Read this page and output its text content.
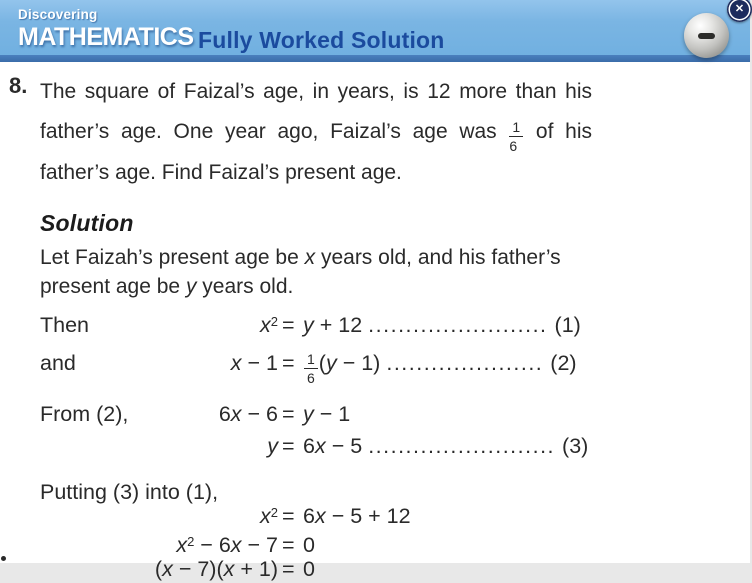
Discovering
MATHEMATICS Fully Worked Solution
✕
8. The square of Faizal’s age, in years, is 12 more than his
father’s age. One year ago, Faizal’s age was $\frac{1}{6}$ of his
father’s age. Find Faizal’s present age.
Solution
Let Faizah’s present age be x years old, and his father’s
present age be y years old.
Then	$x^2 = y + 12$ ........................ (1)
and	$x - 1 = \frac{1}{6} (y - 1)$ ..................... (2)
From (2),	6x − 6 = y − 1
y = 6x − 5 ......................... (3)
Putting (3) into (1),
$x^2 = 6x - 5 + 12$
$x^2 - 6x - 7 = 0$
(x − 7)(x + 1) = 0
